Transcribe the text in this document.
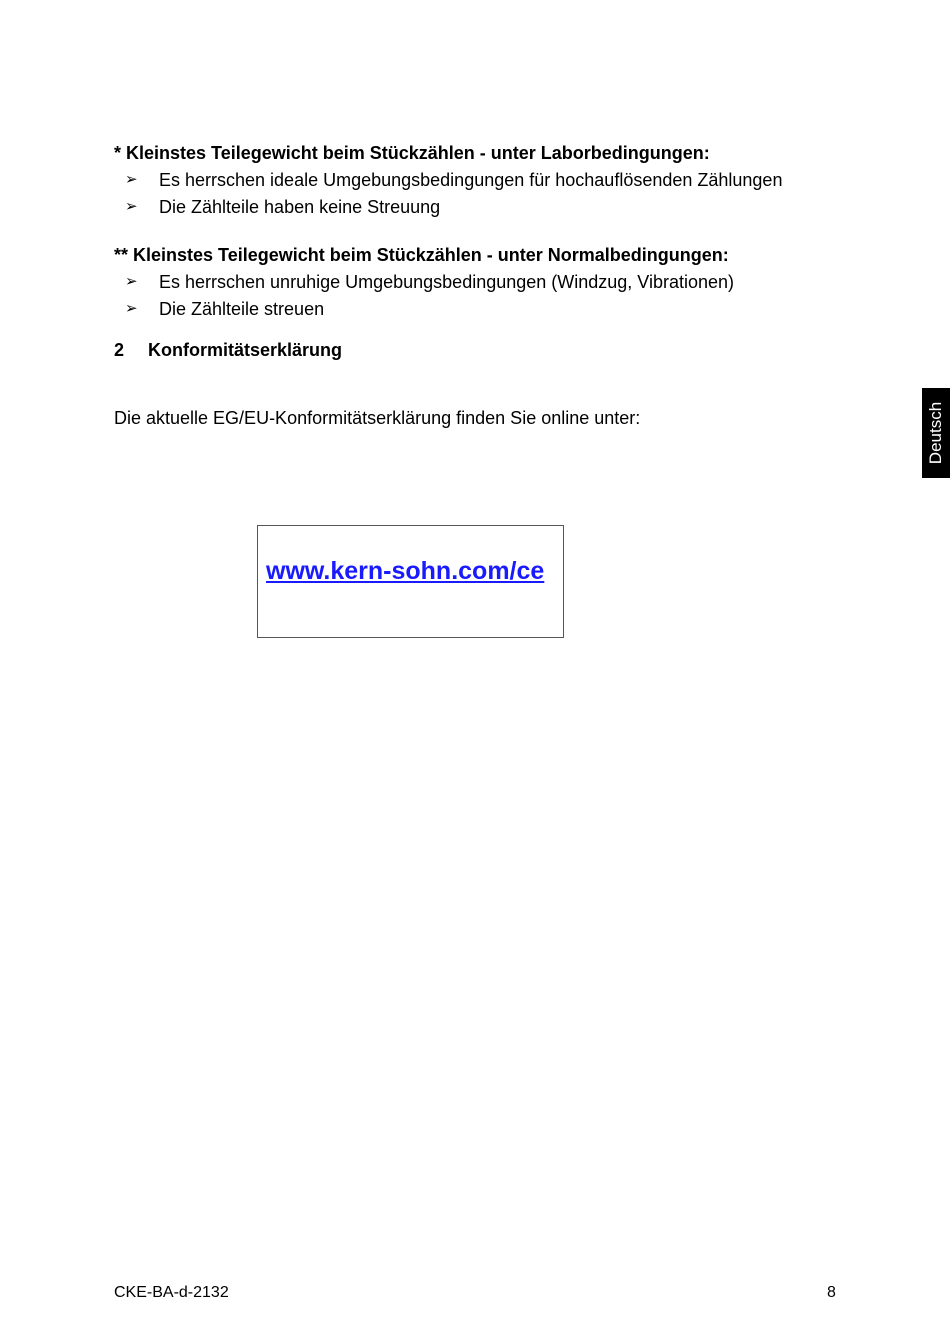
* Kleinstes Teilegewicht beim Stückzählen - unter Laborbedingungen:
➢ Es herrschen ideale Umgebungsbedingungen für hochauflösenden Zählungen
➢ Die Zählteile haben keine Streuung
** Kleinstes Teilegewicht beim Stückzählen - unter Normalbedingungen:
➢ Es herrschen unruhige Umgebungsbedingungen (Windzug, Vibrationen)
➢ Die Zählteile streuen
2 Konformitätserklärung
Die aktuelle EG/EU-Konformitätserklärung finden Sie online unter:
www.kern-sohn.com/ce
Deutsch
CKE-BA-d-2132	8
